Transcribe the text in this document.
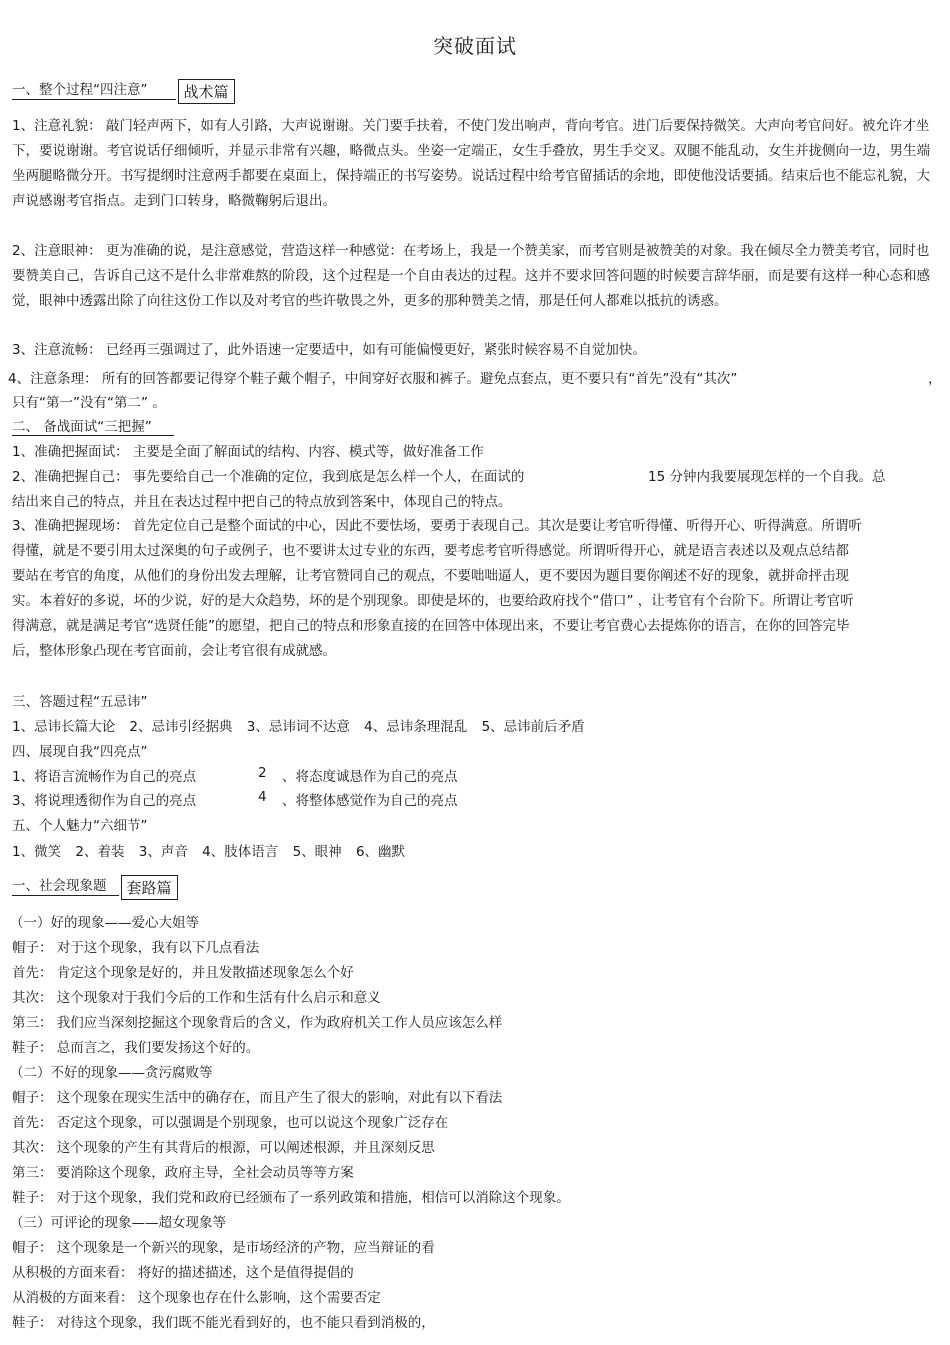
突破面试
一、整个过程“四注意” 战术篇
1、注意礼貌： 敲门轻声两下，如有人引路，大声说谢谢。关门要手扶着，不使门发出响声，背向考官。进门后要保持微笑。大声向考官问好。被允许才坐下，要说谢谢。考官说话仔细倾听，并显示非常有兴趣，略微点头。坐姿一定端正，女生手叠放，男生手交叉。双腿不能乱动，女生并拢侧向一边，男生端坐两腿略微分开。书写提纲时注意两手都要在桌面上，保持端正的书写姿势。说话过程中给考官留插话的余地，即使他没话要插。结束后也不能忘礼貌，大声说感谢考官指点。走到门口转身，略微鞠躬后退出。
2、注意眼神： 更为准确的说，是注意感觉，营造这样一种感觉：在考场上，我是一个赞美家，而考官则是被赞美的对象。我在倾尽全力赞美考官，同时也要赞美自己，告诉自己这不是什么非常难熬的阶段，这个过程是一个自由表达的过程。这并不要求回答问题的时候要言辞华丽，而是要有这样一种心态和感觉，眼神中透露出除了向往这份工作以及对考官的些许敬畏之外，更多的那种赞美之情，那是任何人都难以抵抗的诱惑。
3、注意流畅： 已经再三强调过了，此外语速一定要适中，如有可能偏慢更好，紧张时候容易不自觉加快。
4、注意条理： 所有的回答都要记得穿个鞋子戴个帽子，中间穿好衣服和裤子。避免点套点，更不要只有“首先”没有“其次”	，
只有“第一”没有“第二” 。
二、 备战面试“三把握”
1、准确把握面试： 主要是全面了解面试的结构、内容、模式等，做好准备工作
2、准确把握自己： 事先要给自己一个准确的定位，我到底是怎么样一个人，在面试的	15 分钟内我要展现怎样的一个自我。总
结出来自己的特点，并且在表达过程中把自己的特点放到答案中，体现自己的特点。
3、准确把握现场： 首先定位自己是整个面试的中心，因此不要怯场，要勇于表现自己。其次是要让考官听得懂、听得开心、听得满意。所谓听得懂，就是不要引用太过深奥的句子或例子，也不要讲太过专业的东西，要考虑考官听得感觉。所谓听得开心，就是语言表述以及观点总结都要站在考官的角度，从他们的身份出发去理解，让考官赞同自己的观点，不要咄咄逼人，更不要因为题目要你阐述不好的现象，就拼命抨击现实。本着好的多说，坏的少说，好的是大众趋势，坏的是个别现象。即使是坏的，也要给政府找个“借口” ，让考官有个台阶下。所谓让考官听得满意，就是满足考官“选贤任能”的愿望，把自己的特点和形象直接的在回答中体现出来，不要让考官费心去提炼你的语言，在你的回答完毕后，整体形象凸现在考官面前，会让考官很有成就感。
三、答题过程“五忌讳”
1、忌讳长篇大论 2、忌讳引经据典 3、忌讳词不达意 4、忌讳条理混乱 5、忌讳前后矛盾
四、展现自我“四亮点”
1、将语言流畅作为自己的亮点	2 、将态度诚恳作为自己的亮点
3、将说理透彻作为自己的亮点	4 、将整体感觉作为自己的亮点
五、个人魅力“六细节”
1、微笑 2、着装 3、声音 4、肢体语言 5、眼神 6、幽默
一、社会现象题 套路篇
（一）好的现象——爱心大姐等
帽子： 对于这个现象，我有以下几点看法
首先： 肯定这个现象是好的，并且发散描述现象怎么个好
其次： 这个现象对于我们今后的工作和生活有什么启示和意义
第三： 我们应当深刻挖掘这个现象背后的含义，作为政府机关工作人员应该怎么样
鞋子： 总而言之，我们要发扬这个好的。
（二）不好的现象——贪污腐败等
帽子： 这个现象在现实生活中的确存在，而且产生了很大的影响，对此有以下看法
首先： 否定这个现象，可以强调是个别现象，也可以说这个现象广泛存在
其次： 这个现象的产生有其背后的根源，可以阐述根源，并且深刻反思
第三： 要消除这个现象，政府主导，全社会动员等等方案
鞋子： 对于这个现象，我们党和政府已经颁布了一系列政策和措施，相信可以消除这个现象。
（三）可评论的现象——超女现象等
帽子： 这个现象是一个新兴的现象，是市场经济的产物，应当辩证的看
从积极的方面来看： 将好的描述描述，这个是值得提倡的
从消极的方面来看： 这个现象也存在什么影响，这个需要否定
鞋子： 对待这个现象，我们既不能光看到好的，也不能只看到消极的，
